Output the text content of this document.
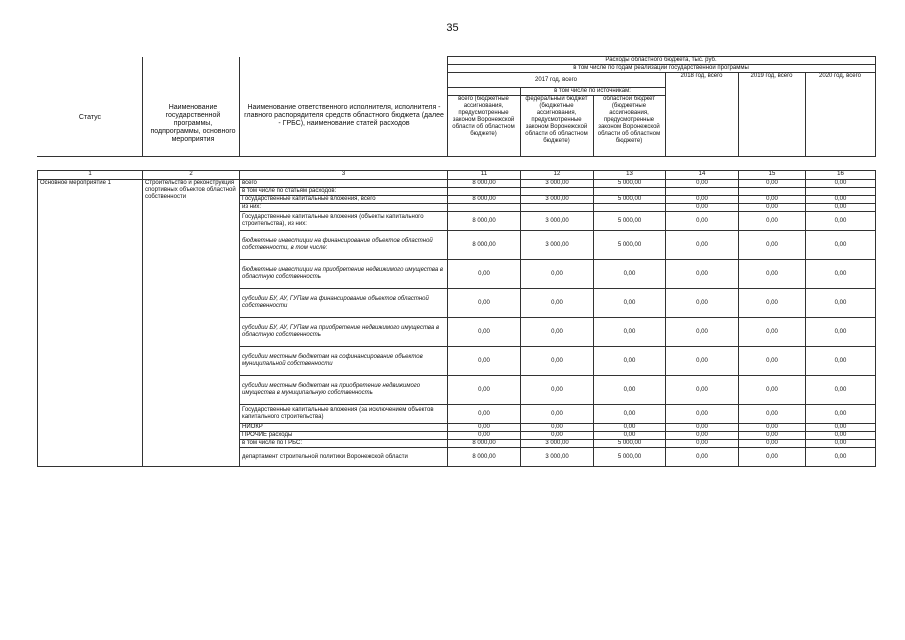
35
			Расходы областного бюджета, тыс. руб.					
			в том числе по годам реализации государственной программы					
			2017 год, всего			2018 год, всего	2019 год, всего	2020 год, всего
				в том числе по источникам:				
			всего (бюджетные ассигнования, предусмотренные законом Воронежской области об областном бюджете)	федеральный бюджет (бюджетные ассигнования, предусмотренные законом Воронежской области об областном бюджете)	областной бюджет (бюджетные ассигнования, предусмотренные законом Воронежской области об областном бюджете)			

Статус
Наименование государственной программы, подпрограммы, основного мероприятия
Наименование ответственного исполнителя, исполнителя - главного распорядителя средств областного бюджета (далее - ГРБС), наименование статей расходов
1	2	3	11	12	13	14	15	16
Основное мероприятие 1	Строительство и реконструкция спортивных объектов областной собственности	всего	8 000,00	3 000,00	5 000,00	0,00	0,00	0,00
		в том числе по статьям расходов:						
		Государственные капитальные вложения, всего	8 000,00	3 000,00	5 000,00	0,00	0,00	0,00
		из них:				0,00	0,00	0,00
		Государственные капитальные вложения (объекты капитального строительства), из них:	8 000,00	3 000,00	5 000,00	0,00	0,00	0,00
		бюджетные инвестиции на финансирование объектов областной собственности, в том числе:	8 000,00	3 000,00	5 000,00	0,00	0,00	0,00
		бюджетные инвестиции на приобретение недвижимого имущества в областную собственность	0,00	0,00	0,00	0,00	0,00	0,00
		субсидии БУ, АУ, ГУПам на финансирование объектов областной собственности	0,00	0,00	0,00	0,00	0,00	0,00
		субсидии БУ, АУ, ГУПам на приобретение недвижимого имущества в областную собственность	0,00	0,00	0,00	0,00	0,00	0,00
		субсидии местным бюджетам на софинансирование объектов муниципальной собственности	0,00	0,00	0,00	0,00	0,00	0,00
		субсидии местным бюджетам на приобретение недвижимого имущества в муниципальную собственность	0,00	0,00	0,00	0,00	0,00	0,00
		Государственные капитальные вложения (за исключением объектов капитального строительства)	0,00	0,00	0,00	0,00	0,00	0,00
		НИОКР	0,00	0,00	0,00	0,00	0,00	0,00
		ПРОЧИЕ расходы	0,00	0,00	0,00	0,00	0,00	0,00
		в том числе по ГРБС:	8 000,00	3 000,00	5 000,00	0,00	0,00	0,00
		департамент строительной политики Воронежской области	8 000,00	3 000,00	5 000,00	0,00	0,00	0,00
